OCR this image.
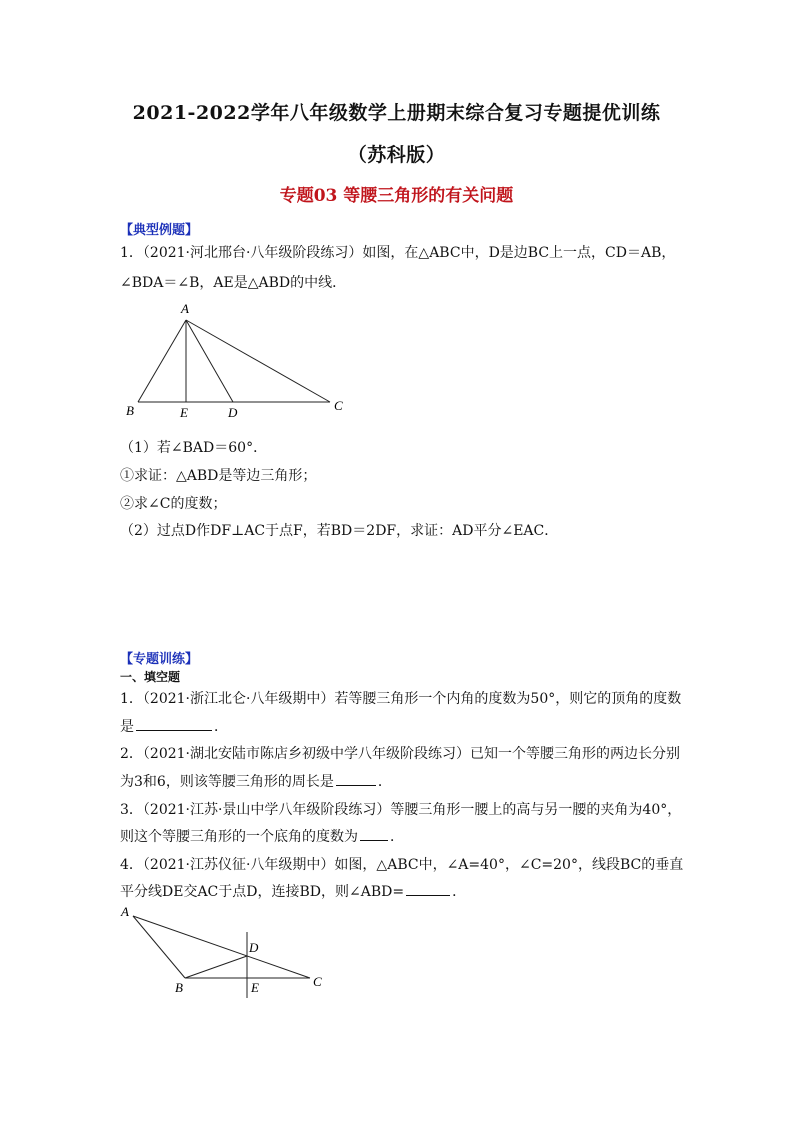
2021-2022学年八年级数学上册期末综合复习专题提优训练
（苏科版）
专题03 等腰三角形的有关问题
【典型例题】
1．（2021·河北邢台·八年级阶段练习）如图，在△ABC中，D是边BC上一点，CD＝AB，
∠BDA＝∠B，AE是△ABD的中线．
A
B	E	D	C
（1）若∠BAD＝60°．
①求证：△ABD是等边三角形；
②求∠C的度数；
（2）过点D作DF⊥AC于点F，若BD＝2DF，求证：AD平分∠EAC．
【专题训练】
一、填空题
1．（2021·浙江北仑·八年级期中）若等腰三角形一个内角的度数为50°，则它的顶角的度数
是	．
2．（2021·湖北安陆市陈店乡初级中学八年级阶段练习）已知一个等腰三角形的两边长分别
为3和6，则该等腰三角形的周长是	．
3．（2021·江苏·景山中学八年级阶段练习）等腰三角形一腰上的高与另一腰的夹角为40°，
则这个等腰三角形的一个底角的度数为 ．
4．（2021·江苏仪征·八年级期中）如图，△ABC中，∠A=40°，∠C=20°，线段BC的垂直
平分线DE交AC于点D，连接BD，则∠ABD=	．
A
B
D
E	C
